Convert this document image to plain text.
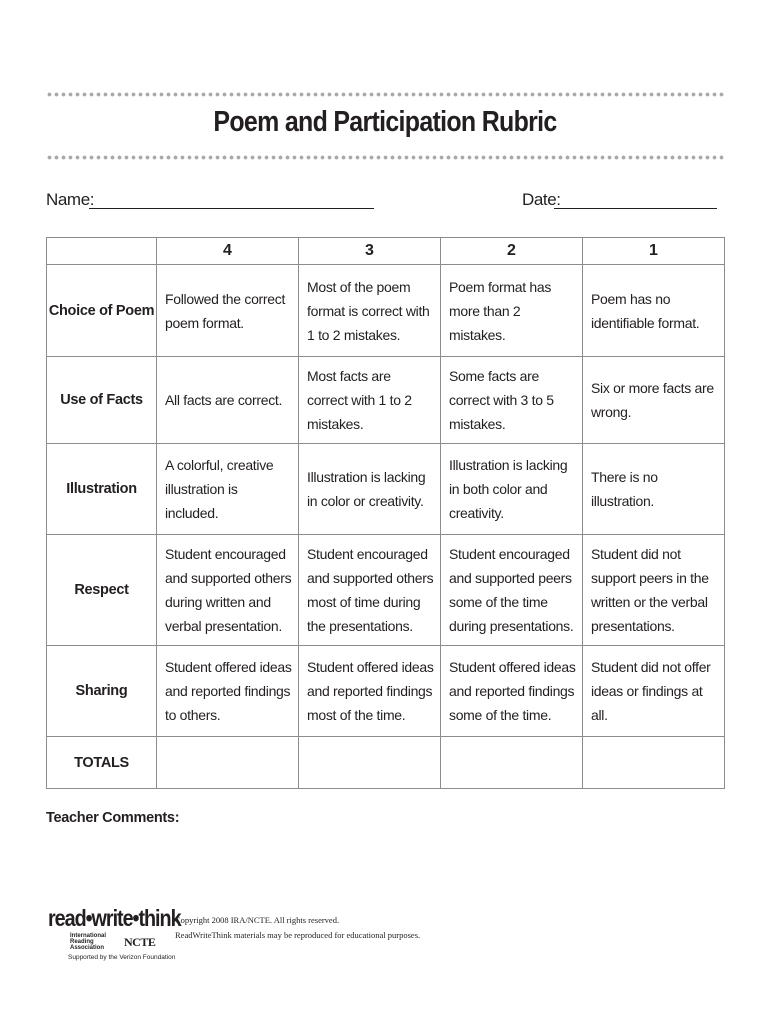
Poem and Participation Rubric
Name:	Date:
	4	3	2	1
Choice of Poem	Followed the correct poem format.	Most of the poem format is correct with 1 to 2 mistakes.	Poem format has more than 2 mistakes.	Poem has no identifiable format.
Use of Facts	All facts are correct.	Most facts are correct with 1 to 2 mistakes.	Some facts are correct with 3 to 5 mistakes.	Six or more facts are wrong.
Illustration	A colorful, creative illustration is included.	Illustration is lacking in color or creativity.	Illustration is lacking in both color and creativity.	There is no illustration.
Respect	Student encouraged and supported others during written and verbal presentation.	Student encouraged and supported others most of time during the presentations.	Student encouraged and supported peers some of the time during presentations.	Student did not support peers in the written or the verbal presentations.
Sharing	Student offered ideas and reported findings to others.	Student offered ideas and reported findings most of the time.	Student offered ideas and reported findings some of the time.	Student did not offer ideas or findings at all.
TOTALS				
Teacher Comments:
read•write•think
International Reading Association	NCTE
Supported by the Verizon Foundation
Copyright 2008 IRA/NCTE. All rights reserved.
ReadWriteThink materials may be reproduced for educational purposes.
